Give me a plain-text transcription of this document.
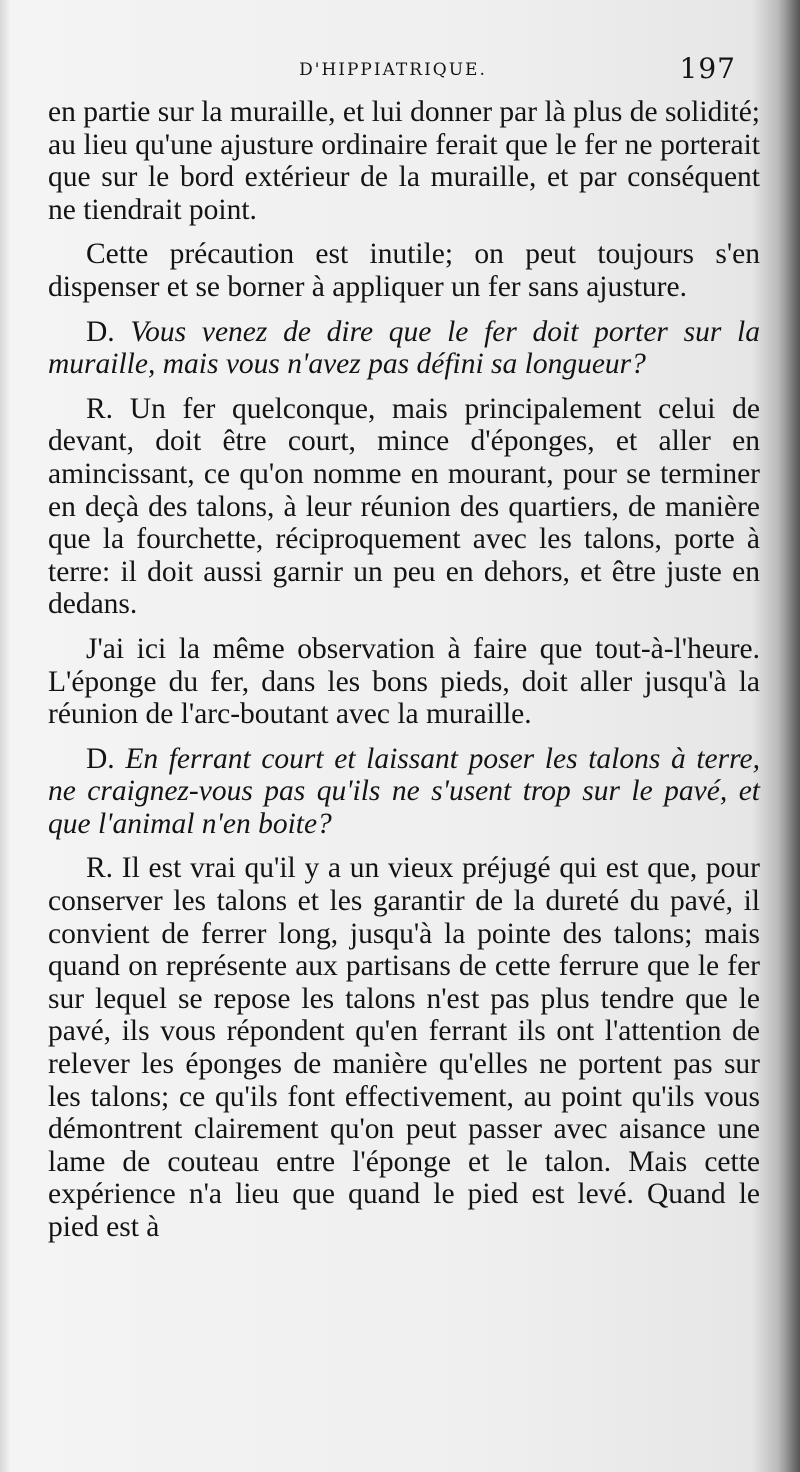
D'HIPPIATRIQUE.	197

en partie sur la muraille, et lui donner par là plus de solidité; au lieu qu'une ajusture ordinaire ferait que le fer ne porterait que sur le bord extérieur de la muraille, et par conséquent ne tiendrait point.

Cette précaution est inutile; on peut toujours s'en dispenser et se borner à appliquer un fer sans ajusture.

D. Vous venez de dire que le fer doit porter sur la muraille, mais vous n'avez pas défini sa longueur?

R. Un fer quelconque, mais principalement celui de devant, doit être court, mince d'éponges, et aller en amincissant, ce qu'on nomme en mourant, pour se terminer en deçà des talons, à leur réunion des quartiers, de manière que la fourchette, réciproquement avec les talons, porte à terre: il doit aussi garnir un peu en dehors, et être juste en dedans.

J'ai ici la même observation à faire que tout-à-l'heure. L'éponge du fer, dans les bons pieds, doit aller jusqu'à la réunion de l'arc-boutant avec la muraille.

D. En ferrant court et laissant poser les talons à terre, ne craignez-vous pas qu'ils ne s'usent trop sur le pavé, et que l'animal n'en boite?

R. Il est vrai qu'il y a un vieux préjugé qui est que, pour conserver les talons et les garantir de la dureté du pavé, il convient de ferrer long, jusqu'à la pointe des talons; mais quand on représente aux partisans de cette ferrure que le fer sur lequel se repose les talons n'est pas plus tendre que le pavé, ils vous répondent qu'en ferrant ils ont l'attention de relever les éponges de manière qu'elles ne portent pas sur les talons; ce qu'ils font effectivement, au point qu'ils vous démontrent clairement qu'on peut passer avec aisance une lame de couteau entre l'éponge et le talon. Mais cette expérience n'a lieu que quand le pied est levé. Quand le pied est à
